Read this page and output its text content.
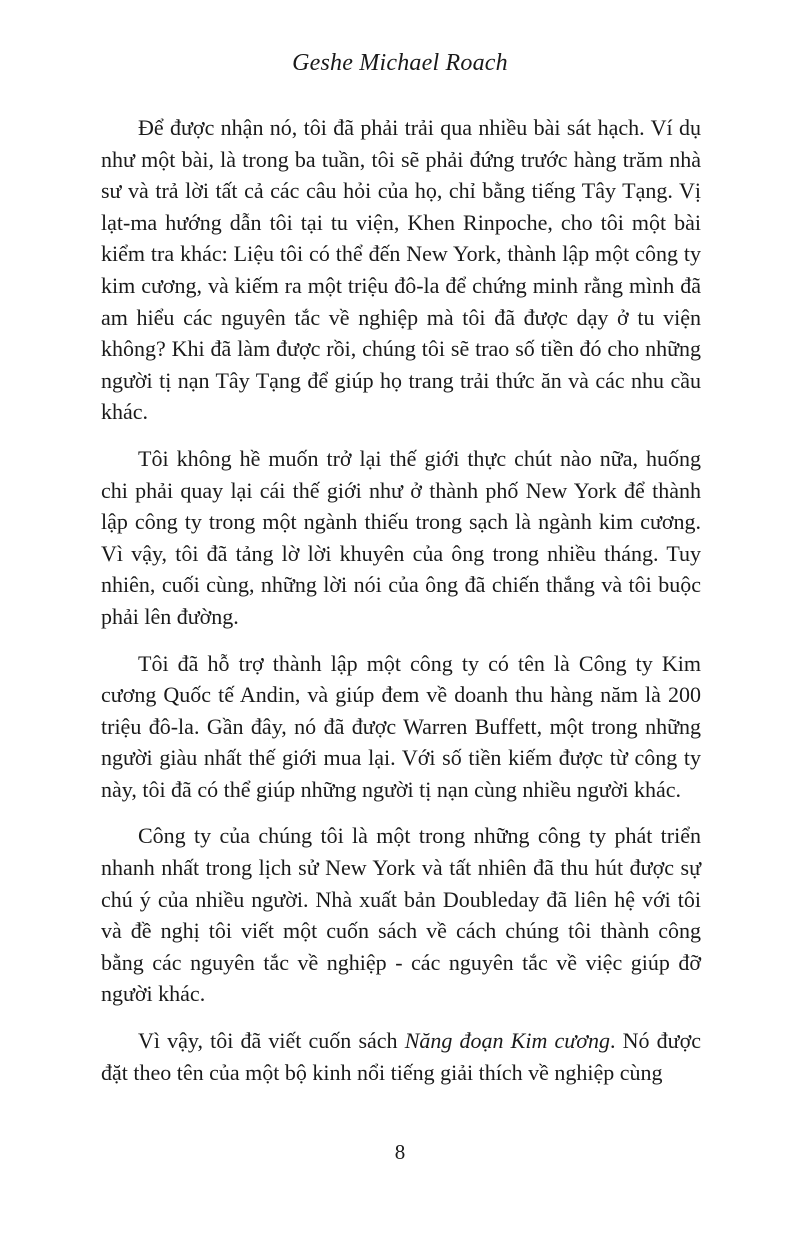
Geshe Michael Roach

Để được nhận nó, tôi đã phải trải qua nhiều bài sát hạch. Ví dụ như một bài, là trong ba tuần, tôi sẽ phải đứng trước hàng trăm nhà sư và trả lời tất cả các câu hỏi của họ, chỉ bằng tiếng Tây Tạng. Vị lạt-ma hướng dẫn tôi tại tu viện, Khen Rinpoche, cho tôi một bài kiểm tra khác: Liệu tôi có thể đến New York, thành lập một công ty kim cương, và kiếm ra một triệu đô-la để chứng minh rằng mình đã am hiểu các nguyên tắc về nghiệp mà tôi đã được dạy ở tu viện không? Khi đã làm được rồi, chúng tôi sẽ trao số tiền đó cho những người tị nạn Tây Tạng để giúp họ trang trải thức ăn và các nhu cầu khác.

Tôi không hề muốn trở lại thế giới thực chút nào nữa, huống chi phải quay lại cái thế giới như ở thành phố New York để thành lập công ty trong một ngành thiếu trong sạch là ngành kim cương. Vì vậy, tôi đã tảng lờ lời khuyên của ông trong nhiều tháng. Tuy nhiên, cuối cùng, những lời nói của ông đã chiến thắng và tôi buộc phải lên đường.

Tôi đã hỗ trợ thành lập một công ty có tên là Công ty Kim cương Quốc tế Andin, và giúp đem về doanh thu hàng năm là 200 triệu đô-la. Gần đây, nó đã được Warren Buffett, một trong những người giàu nhất thế giới mua lại. Với số tiền kiếm được từ công ty này, tôi đã có thể giúp những người tị nạn cùng nhiều người khác.

Công ty của chúng tôi là một trong những công ty phát triển nhanh nhất trong lịch sử New York và tất nhiên đã thu hút được sự chú ý của nhiều người. Nhà xuất bản Doubleday đã liên hệ với tôi và đề nghị tôi viết một cuốn sách về cách chúng tôi thành công bằng các nguyên tắc về nghiệp - các nguyên tắc về việc giúp đỡ người khác.

Vì vậy, tôi đã viết cuốn sách Năng đoạn Kim cương. Nó được đặt theo tên của một bộ kinh nổi tiếng giải thích về nghiệp cùng

8
